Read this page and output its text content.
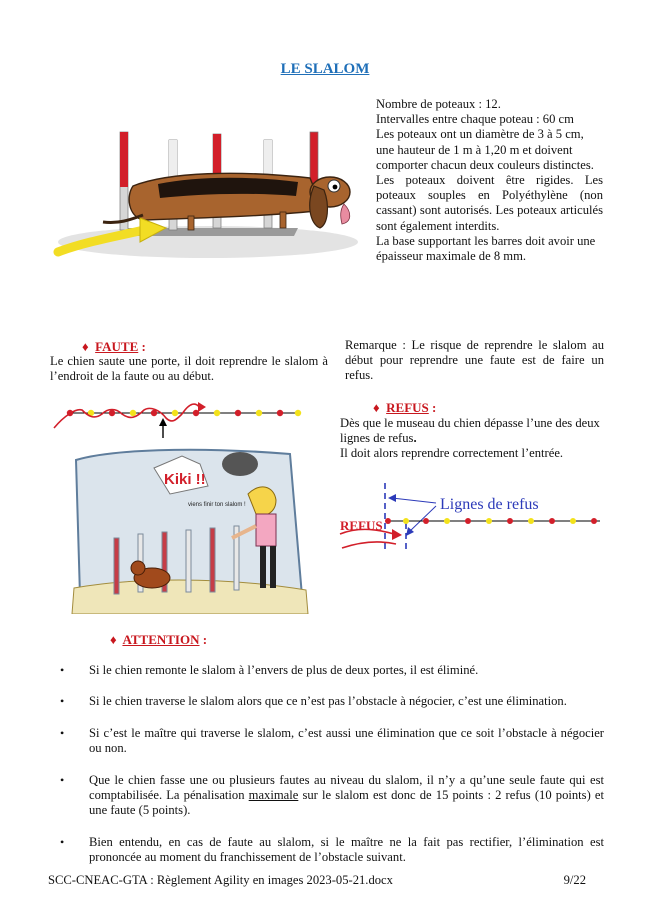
LE SLALOM

Nombre de poteaux : 12.

Intervalles entre chaque poteau : 60 cm

Les poteaux ont un diamètre de 3 à 5 cm, une hauteur de 1 m à 1,20 m et doivent comporter chacun deux couleurs distinctes.

Les poteaux doivent être rigides. Les poteaux souples en Polyéthylène (non cassant) sont autorisés. Les poteaux articulés sont également interdits.

La base supportant les barres doit avoir une épaisseur maximale de 8 mm.

♦ FAUTE :

Le chien saute une porte, il doit reprendre le slalom à l’endroit de la faute ou au début.

Remarque : Le risque de reprendre le slalom au début pour reprendre une faute est de faire un refus.

Kiki !!
viens finir ton slalom !
♦ REFUS :
Dès que le museau du chien dépasse l’une des deux lignes de refus.
Il doit alors reprendre correctement l’entrée.
Lignes de refus
REFUS
♦ ATTENTION :
• Si le chien remonte le slalom à l’envers de plus de deux portes, il est éliminé.
• Si le chien traverse le slalom alors que ce n’est pas l’obstacle à négocier, c’est une élimination.
• Si c’est le maître qui traverse le slalom, c’est aussi une élimination que ce soit l’obstacle à négocier ou non.
• Que le chien fasse une ou plusieurs fautes au niveau du slalom, il n’y a qu’une seule faute qui est comptabilisée. La pénalisation maximale sur le slalom est donc de 15 points : 2 refus (10 points) et une faute (5 points).
• Bien entendu, en cas de faute au slalom, si le maître ne la fait pas rectifier, l’élimination est prononcée au moment du franchissement de l’obstacle suivant.
SCC-CNEAC-GTA : Règlement Agility en images 2023-05-21.docx	9/22
